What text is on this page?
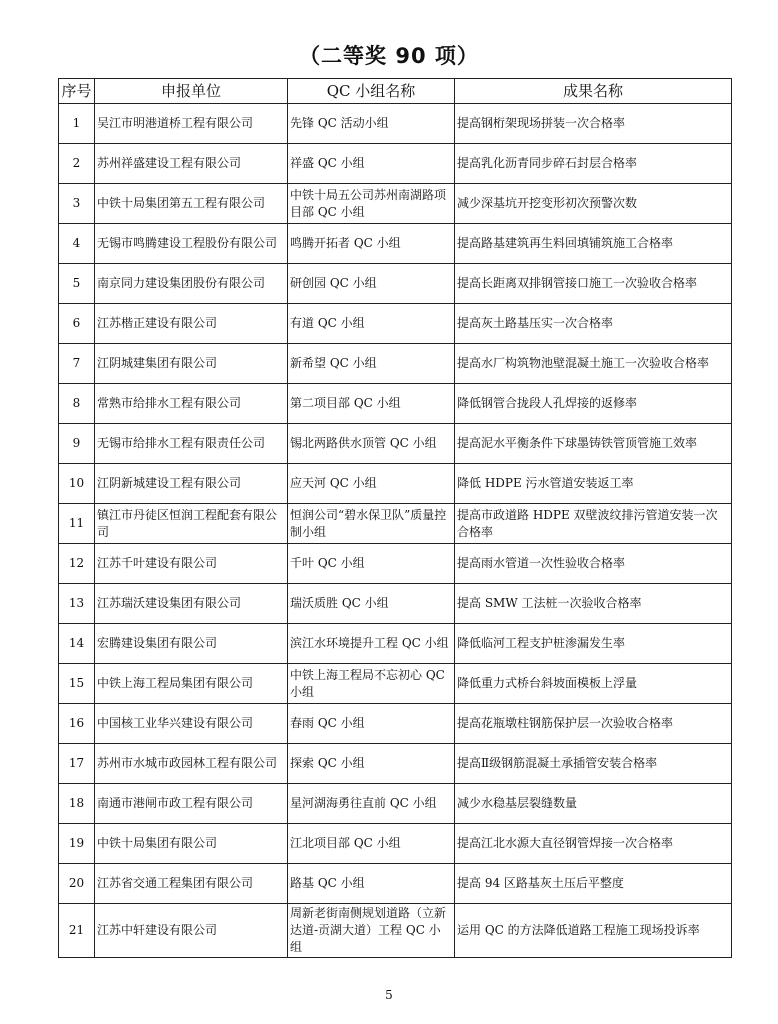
（二等奖 90 项）
序号	申报单位	QC 小组名称	成果名称
1	吴江市明港道桥工程有限公司	先锋 QC 活动小组	提高钢桁架现场拼装一次合格率
2	苏州祥盛建设工程有限公司	祥盛 QC 小组	提高乳化沥青同步碎石封层合格率
3	中铁十局集团第五工程有限公司	中铁十局五公司苏州南湖路项目部 QC 小组	减少深基坑开挖变形初次预警次数
4	无锡市鸣腾建设工程股份有限公司	鸣腾开拓者 QC 小组	提高路基建筑再生料回填铺筑施工合格率
5	南京同力建设集团股份有限公司	研创园 QC 小组	提高长距离双排钢管接口施工一次验收合格率
6	江苏楷正建设有限公司	有道 QC 小组	提高灰土路基压实一次合格率
7	江阴城建集团有限公司	新希望 QC 小组	提高水厂构筑物池壁混凝土施工一次验收合格率
8	常熟市给排水工程有限公司	第二项目部 QC 小组	降低钢管合拢段人孔焊接的返修率
9	无锡市给排水工程有限责任公司	锡北两路供水顶管 QC 小组	提高泥水平衡条件下球墨铸铁管顶管施工效率
10	江阴新城建设工程有限公司	应天河 QC 小组	降低 HDPE 污水管道安装返工率
11	镇江市丹徒区恒润工程配套有限公司	恒润公司“碧水保卫队”质量控制小组	提高市政道路 HDPE 双壁波纹排污管道安装一次合格率
12	江苏千叶建设有限公司	千叶 QC 小组	提高雨水管道一次性验收合格率
13	江苏瑞沃建设集团有限公司	瑞沃质胜 QC 小组	提高 SMW 工法桩一次验收合格率
14	宏腾建设集团有限公司	滨江水环境提升工程 QC 小组	降低临河工程支护桩渗漏发生率
15	中铁上海工程局集团有限公司	中铁上海工程局不忘初心 QC 小组	降低重力式桥台斜坡面模板上浮量
16	中国核工业华兴建设有限公司	春雨 QC 小组	提高花瓶墩柱钢筋保护层一次验收合格率
17	苏州市水城市政园林工程有限公司	探索 QC 小组	提高Ⅱ级钢筋混凝土承插管安装合格率
18	南通市港闸市政工程有限公司	星河湖海勇往直前 QC 小组	减少水稳基层裂缝数量
19	中铁十局集团有限公司	江北项目部 QC 小组	提高江北水源大直径钢管焊接一次合格率
20	江苏省交通工程集团有限公司	路基 QC 小组	提高 94 区路基灰土压后平整度
21	江苏中轩建设有限公司	周新老街南侧规划道路（立新达道-贡湖大道）工程 QC 小组	运用 QC 的方法降低道路工程施工现场投诉率
5
